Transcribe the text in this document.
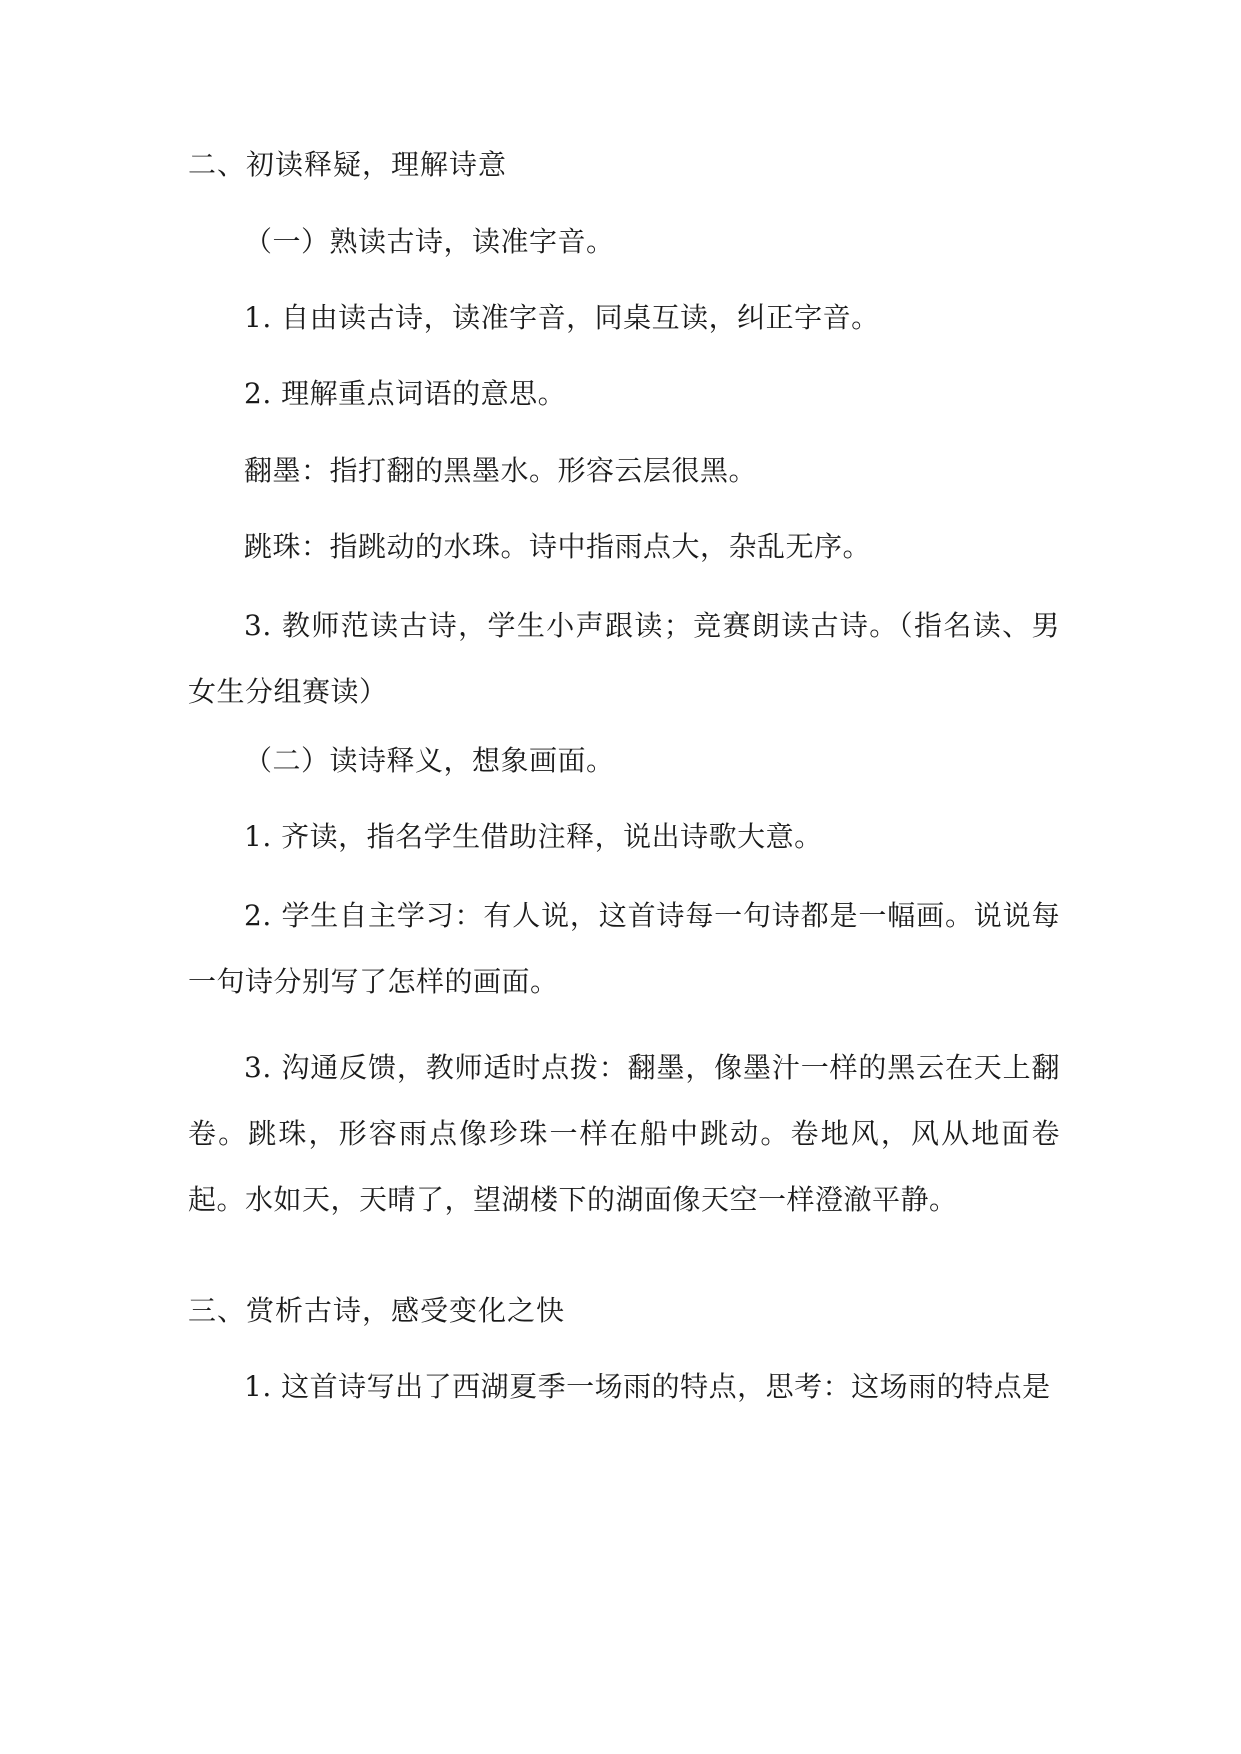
二、初读释疑，理解诗意
（一）熟读古诗，读准字音。
1. 自由读古诗，读准字音，同桌互读，纠正字音。
2. 理解重点词语的意思。
翻墨：指打翻的黑墨水。形容云层很黑。
跳珠：指跳动的水珠。诗中指雨点大，杂乱无序。
3. 教师范读古诗，学生小声跟读；竞赛朗读古诗。（指名读、男女生分组赛读）
（二）读诗释义，想象画面。
1. 齐读，指名学生借助注释，说出诗歌大意。
2. 学生自主学习：有人说，这首诗每一句诗都是一幅画。说说每一句诗分别写了怎样的画面。
3. 沟通反馈，教师适时点拨：翻墨，像墨汁一样的黑云在天上翻卷。跳珠，形容雨点像珍珠一样在船中跳动。卷地风，风从地面卷起。水如天，天晴了，望湖楼下的湖面像天空一样澄澈平静。
三、赏析古诗，感受变化之快
1. 这首诗写出了西湖夏季一场雨的特点，思考：这场雨的特点是
